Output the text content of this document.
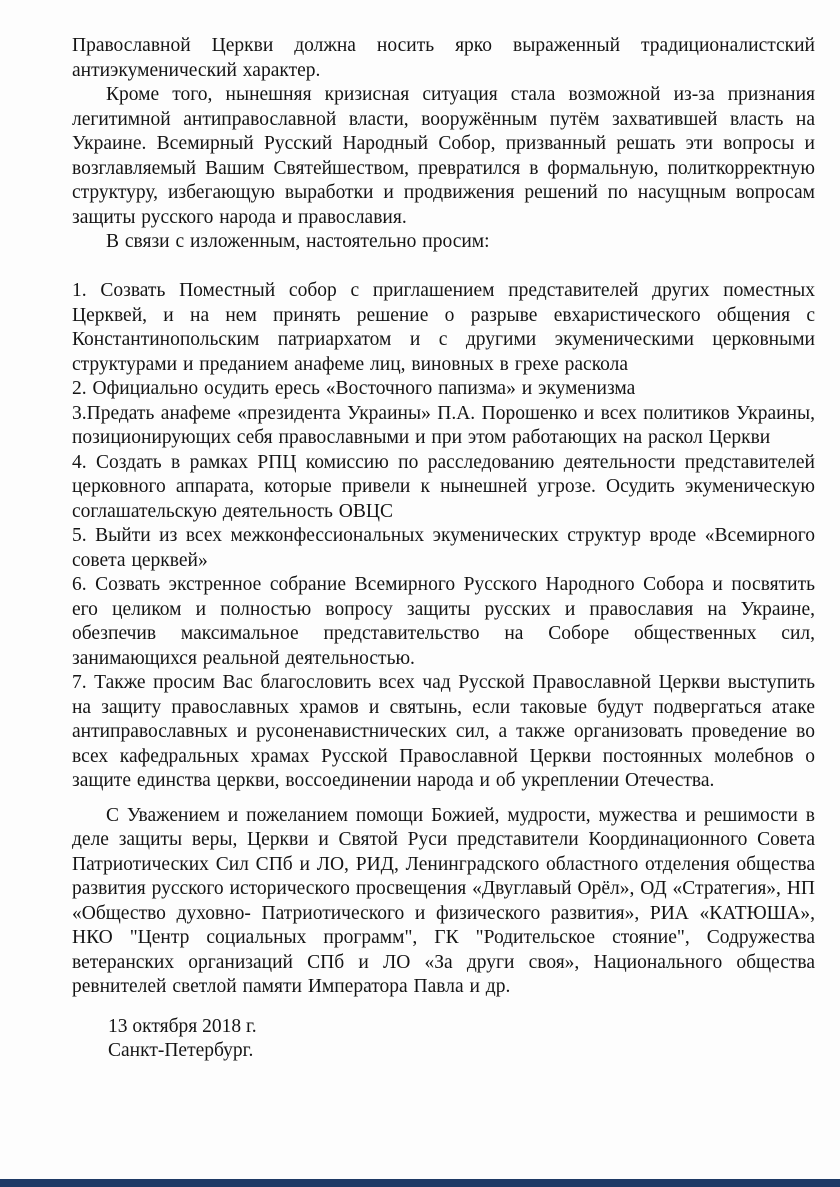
Православной Церкви должна носить ярко выраженный традиционалистский антиэкуменический характер.

Кроме того, нынешняя кризисная ситуация стала возможной из-за признания легитимной антиправославной власти, вооружённым путём захватившей власть на Украине. Всемирный Русский Народный Собор, призванный решать эти вопросы и возглавляемый Вашим Святейшеством, превратился в формальную, политкорректную структуру, избегающую выработки и продвижения решений по насущным вопросам защиты русского народа и православия.

В связи с изложенным, настоятельно просим:

1. Созвать Поместный собор с приглашением представителей других поместных Церквей, и на нем принять решение о разрыве евхаристического общения с Константинопольским патриархатом и с другими экуменическими церковными структурами и преданием анафеме лиц, виновных в грехе раскола

2. Официально осудить ересь «Восточного папизма» и экуменизма

3.Предать анафеме «президента Украины» П.А. Порошенко и всех политиков Украины, позиционирующих себя православными и при этом работающих на раскол Церкви

4. Создать в рамках РПЦ комиссию по расследованию деятельности представителей церковного аппарата, которые привели к нынешней угрозе. Осудить экуменическую соглашательскую деятельность ОВЦС

5. Выйти из всех межконфессиональных экуменических структур вроде «Всемирного совета церквей»

6. Созвать экстренное собрание Всемирного Русского Народного Собора и посвятить его целиком и полностью вопросу защиты русских и православия на Украине, обезпечив максимальное представительство на Соборе общественных сил, занимающихся реальной деятельностью.

7. Также просим Вас благословить всех чад Русской Православной Церкви выступить на защиту православных храмов и святынь, если таковые будут подвергаться атаке антиправославных и русоненавистнических сил, а также организовать проведение во всех кафедральных храмах Русской Православной Церкви постоянных молебнов о защите единства церкви, воссоединении народа и об укреплении Отечества.

С Уважением и пожеланием помощи Божией, мудрости, мужества и решимости в деле защиты веры, Церкви и Святой Руси представители Координационного Совета Патриотических Сил СПб и ЛО, РИД, Ленинградского областного отделения общества развития русского исторического просвещения «Двуглавый Орёл», ОД «Стратегия», НП «Общество духовно- Патриотического и физического развития», РИА «КАТЮША», НКО "Центр социальных программ", ГК "Родительское стояние", Содружества ветеранских организаций СПб и ЛО «За други своя», Национального общества ревнителей светлой памяти Императора Павла и др.

13 октября 2018 г.
Санкт-Петербург.
